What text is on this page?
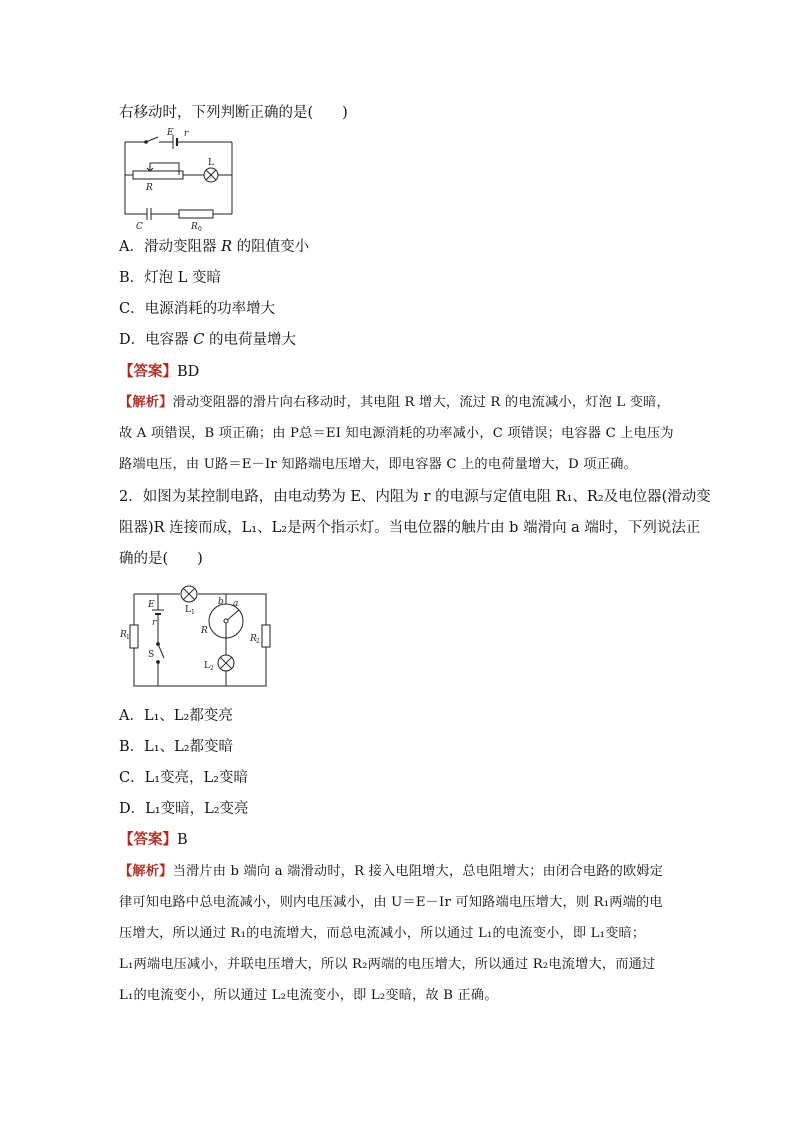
右移动时，下列判断正确的是(　　)
E r
R
C	R 0
L
A．滑动变阻器 R 的阻值变小
B．灯泡 L 变暗
C．电源消耗的功率增大
D．电容器 C 的电荷量增大
【答案】BD
【解析】滑动变阻器的滑片向右移动时，其电阻 R 增大，流过 R 的电流减小，灯泡 L 变暗，
故 A 项错误，B 项正确；由 P总＝EI 知电源消耗的功率减小，C 项错误；电容器 C 上电压为
路端电压，由 U路＝E－Ir 知路端电压增大，即电容器 C 上的电荷量增大，D 项正确。
2．如图为某控制电路，由电动势为 E、内阻为 r 的电源与定值电阻 R₁、R₂及电位器(滑动变
阻器)R 连接而成，L₁、L₂是两个指示灯。当电位器的触片由 b 端滑向 a 端时，下列说法正
确的是(　　)
L 1
L 2
E
r
S
R 1	R 2
R
a
b
A．L₁、L₂都变亮
B．L₁、L₂都变暗
C．L₁变亮，L₂变暗
D．L₁变暗，L₂变亮
【答案】B
【解析】当滑片由 b 端向 a 端滑动时，R 接入电阻增大，总电阻增大；由闭合电路的欧姆定
律可知电路中总电流减小，则内电压减小，由 U＝E－Ir 可知路端电压增大，则 R₁两端的电
压增大，所以通过 R₁的电流增大，而总电流减小，所以通过 L₁的电流变小，即 L₁变暗；
L₁两端电压减小，并联电压增大，所以 R₂两端的电压增大，所以通过 R₂电流增大，而通过
L₁的电流变小，所以通过 L₂电流变小，即 L₂变暗，故 B 正确。
